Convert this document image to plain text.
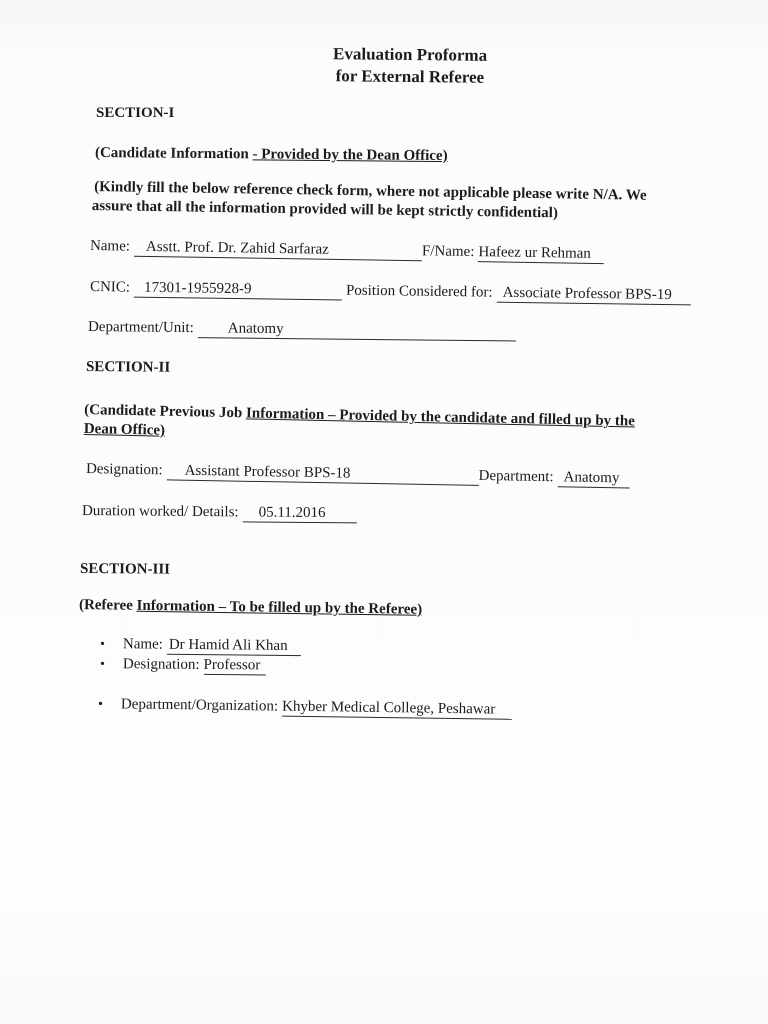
Evaluation Proforma
for External Referee
SECTION-I
(Candidate Information - Provided by the Dean Office)
(Kindly fill the below reference check form, where not applicable please write N/A. We
assure that all the information provided will be kept strictly confidential)
Name: Asstt. Prof. Dr. Zahid Sarfaraz	F/Name: Hafeez ur Rehman
CNIC: 17301-1955928-9	Position Considered for: Associate Professor BPS-19
Department/Unit: Anatomy
SECTION-II
(Candidate Previous Job Information – Provided by the candidate and filled up by the
Dean Office)
Designation: Assistant Professor BPS-18	Department: Anatomy
Duration worked/ Details: 05.11.2016
SECTION-III
(Referee Information – To be filled up by the Referee)
• Name: Dr Hamid Ali Khan
• Designation: Professor
• Department/Organization: Khyber Medical College, Peshawar
